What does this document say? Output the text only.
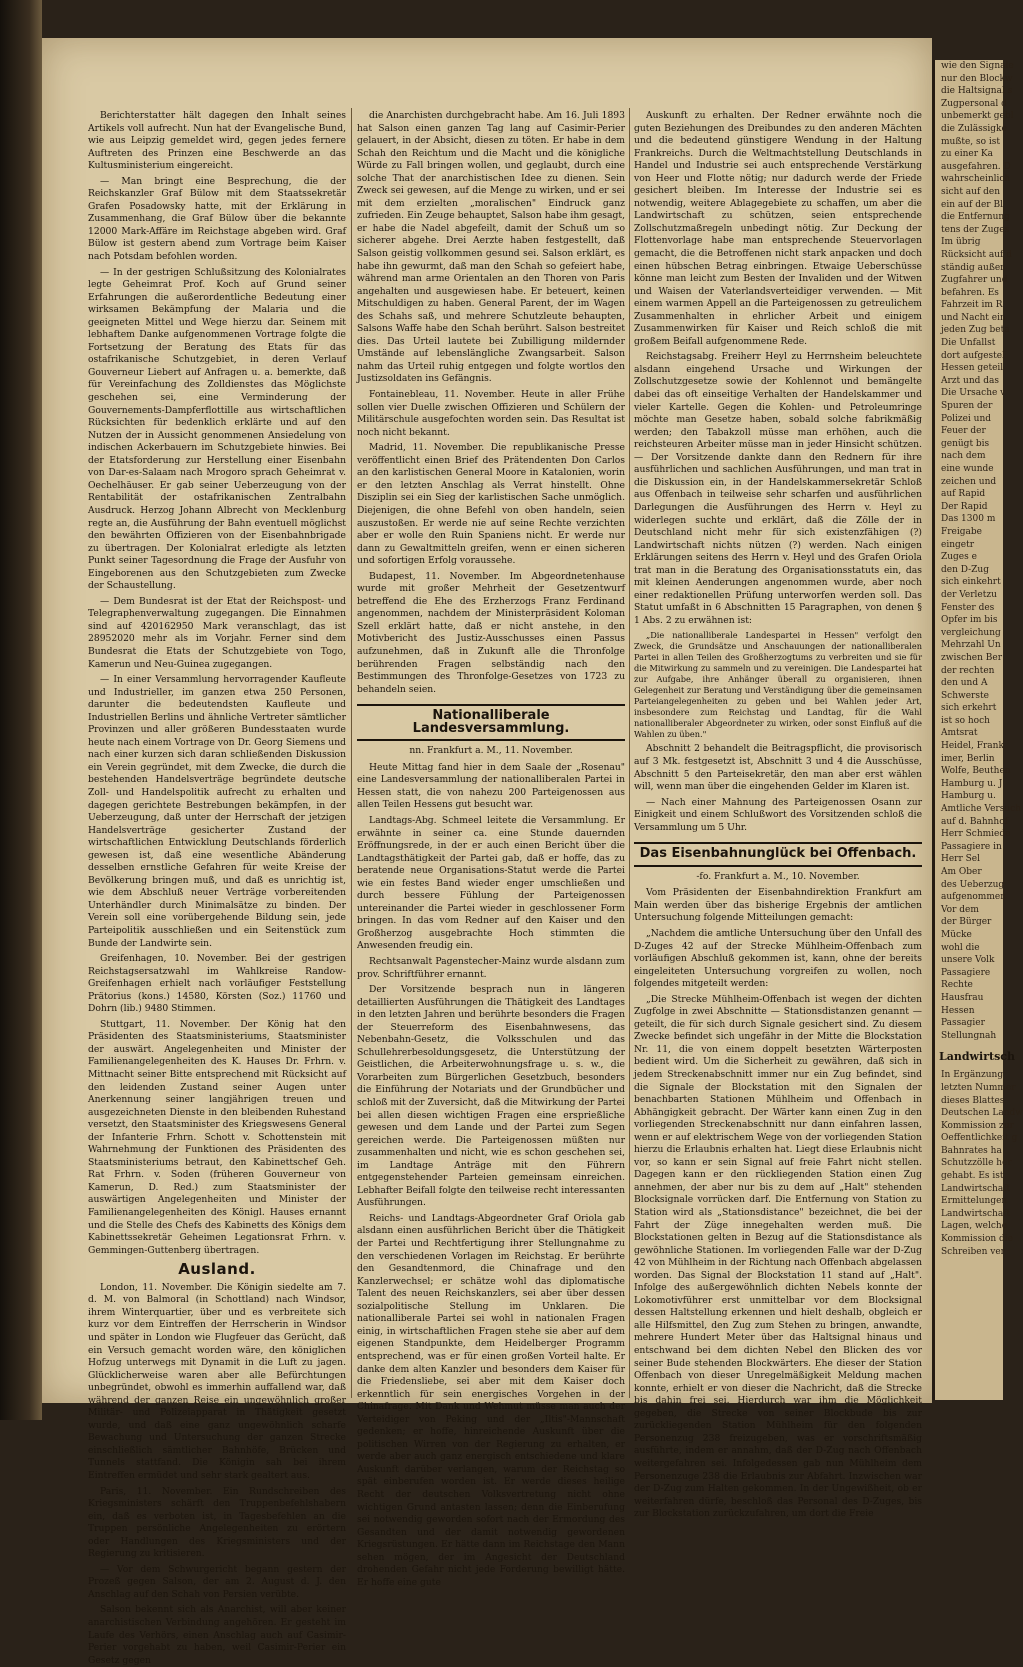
Berichterstatter hält dagegen den Inhalt seines Artikels voll aufrecht. Nun hat der Evangelische Bund, wie aus Leipzig gemeldet wird, gegen jedes fernere Auftreten des Prinzen eine Beschwerde an das Kultusministerium eingereicht.

— Man bringt eine Besprechung, die der Reichskanzler Graf Bülow mit dem Staatssekretär Grafen Posadowsky hatte, mit der Erklärung in Zusammenhang, die Graf Bülow über die bekannte 12000 Mark-Affäre im Reichstage abgeben wird. Graf Bülow ist gestern abend zum Vortrage beim Kaiser nach Potsdam befohlen worden.

— In der gestrigen Schlußsitzung des Kolonialrates legte Geheimrat Prof. Koch auf Grund seiner Erfahrungen die außerordentliche Bedeutung einer wirksamen Bekämpfung der Malaria und die geeigneten Mittel und Wege hierzu dar. Seinem mit lebhaftem Danke aufgenommenen Vortrage folgte die Fortsetzung der Beratung des Etats für das ostafrikanische Schutzgebiet, in deren Verlauf Gouverneur Liebert auf Anfragen u. a. bemerkte, daß für Vereinfachung des Zolldienstes das Möglichste geschehen sei, eine Verminderung der Gouvernements-Dampferflottille aus wirtschaftlichen Rücksichten für bedenklich erklärte und auf den Nutzen der in Aussicht genommenen Ansiedelung von indischen Ackerbauern im Schutzgebiete hinwies. Bei der Etatsforderung zur Herstellung einer Eisenbahn von Dar-es-Salaam nach Mrogoro sprach Geheimrat v. Oechelhäuser. Er gab seiner Ueberzeugung von der Rentabilität der ostafrikanischen Zentralbahn Ausdruck. Herzog Johann Albrecht von Mecklenburg regte an, die Ausführung der Bahn eventuell möglichst den bewährten Offizieren von der Eisenbahnbrigade zu übertragen. Der Kolonialrat erledigte als letzten Punkt seiner Tagesordnung die Frage der Ausfuhr von Eingeborenen aus den Schutzgebieten zum Zwecke der Schaustellung.

— Dem Bundesrat ist der Etat der Reichspost- und Telegraphenverwaltung zugegangen. Die Einnahmen sind auf 420162950 Mark veranschlagt, das ist 28952020 mehr als im Vorjahr. Ferner sind dem Bundesrat die Etats der Schutzgebiete von Togo, Kamerun und Neu-Guinea zugegangen.

— In einer Versammlung hervorragender Kaufleute und Industrieller, im ganzen etwa 250 Personen, darunter die bedeutendsten Kaufleute und Industriellen Berlins und ähnliche Vertreter sämtlicher Provinzen und aller größeren Bundesstaaten wurde heute nach einem Vortrage von Dr. Georg Siemens und nach einer kurzen sich daran schließenden Diskussion ein Verein gegründet, mit dem Zwecke, die durch die bestehenden Handelsverträge begründete deutsche Zoll- und Handelspolitik aufrecht zu erhalten und dagegen gerichtete Bestrebungen bekämpfen, in der Ueberzeugung, daß unter der Herrschaft der jetzigen Handelsverträge gesicherter Zustand der wirtschaftlichen Entwicklung Deutschlands förderlich gewesen ist, daß eine wesentliche Abänderung desselben ernstliche Gefahren für weite Kreise der Bevölkerung bringen muß, und daß es unrichtig ist, wie dem Abschluß neuer Verträge vorbereitenden Unterhändler durch Minimalsätze zu binden. Der Verein soll eine vorübergehende Bildung sein, jede Parteipolitik ausschließen und ein Seitenstück zum Bunde der Landwirte sein.

Greifenhagen, 10. November. Bei der gestrigen Reichstagsersatzwahl im Wahlkreise Randow-Greifenhagen erhielt nach vorläufiger Feststellung Prätorius (kons.) 14580, Körsten (Soz.) 11760 und Dohrn (lib.) 9480 Stimmen.

Stuttgart, 11. November. Der König hat den Präsidenten des Staatsministeriums, Staatsminister der auswärt. Angelegenheiten und Minister der Familienangelegenheiten des K. Hauses Dr. Frhrn. v. Mittnacht seiner Bitte entsprechend mit Rücksicht auf den leidenden Zustand seiner Augen unter Anerkennung seiner langjährigen treuen und ausgezeichneten Dienste in den bleibenden Ruhestand versetzt, den Staatsminister des Kriegswesens General der Infanterie Frhrn. Schott v. Schottenstein mit Wahrnehmung der Funktionen des Präsidenten des Staatsministeriums betraut, den Kabinettschef Geh. Rat Frhrn. v. Soden (früheren Gouverneur von Kamerun, D. Red.) zum Staatsminister der auswärtigen Angelegenheiten und Minister der Familienangelegenheiten des Königl. Hauses ernannt und die Stelle des Chefs des Kabinetts des Königs dem Kabinettssekretär Geheimen Legationsrat Frhrn. v. Gemmingen-Guttenberg übertragen.

Ausland.

London, 11. November. Die Königin siedelte am 7. d. M. von Balmoral (in Schottland) nach Windsor, ihrem Winterquartier, über und es verbreitete sich kurz vor dem Eintreffen der Herrscherin in Windsor und später in London wie Flugfeuer das Gerücht, daß ein Versuch gemacht worden wäre, den königlichen Hofzug unterwegs mit Dynamit in die Luft zu jagen. Glücklicherweise waren aber alle Befürchtungen unbegründet, obwohl es immerhin auffallend war, daß während der ganzen Reise ein ungewöhnlich großer Militär- und Polizeiapparat in Thätigkeit gesetzt wurde, und daß eine ganz ungewöhnlich scharfe Bewachung und Untersuchung der ganzen Strecke einschließlich sämtlicher Bahnhöfe, Brücken und Tunnels stattfand. Die Königin sah bei ihrem Eintreffen ermüdet und sehr stark gealtert aus.

Paris, 11. November. Ein Rundschreiben des Kriegsministers schärft den Truppenbefehlshabern ein, daß es verboten ist, in Tagesbefehlen an die Truppen persönliche Angelegenheiten zu erörtern oder Handlungen des Kriegsministers und der Regierung zu kritisieren.

— Vor dem Schwurgericht begann gestern der Prozeß gegen Salson, der am 2. August d. J. den Anschlag auf den Schah von Persien verübte.

Salson bekennt sich als Anarchist, will aber keiner anarchistischen Verbindung angehören. Er gesteht im Laufe des Verhörs, einen Anschlag auch auf Casimir-Perier vorgehabt zu haben, weil Casimir-Perier ein Gesetz gegen

die Anarchisten durchgebracht habe. Am 16. Juli 1893 hat Salson einen ganzen Tag lang auf Casimir-Perier gelauert, in der Absicht, diesen zu töten. Er habe in dem Schah den Reichtum und die Macht und die königliche Würde zu Fall bringen wollen, und geglaubt, durch eine solche That der anarchistischen Idee zu dienen. Sein Zweck sei gewesen, auf die Menge zu wirken, und er sei mit dem erzielten „moralischen" Eindruck ganz zufrieden. Ein Zeuge behauptet, Salson habe ihm gesagt, er habe die Nadel abgefeilt, damit der Schuß um so sicherer abgehe. Drei Aerzte haben festgestellt, daß Salson geistig vollkommen gesund sei. Salson erklärt, es habe ihn gewurmt, daß man den Schah so gefeiert habe, während man arme Orientalen an den Thoren von Paris angehalten und ausgewiesen habe. Er beteuert, keinen Mitschuldigen zu haben. General Parent, der im Wagen des Schahs saß, und mehrere Schutzleute behaupten, Salsons Waffe habe den Schah berührt. Salson bestreitet dies. Das Urteil lautete bei Zubilligung mildernder Umstände auf lebenslängliche Zwangsarbeit. Salson nahm das Urteil ruhig entgegen und folgte wortlos den Justizsoldaten ins Gefängnis.

Fontainebleau, 11. November. Heute in aller Frühe sollen vier Duelle zwischen Offizieren und Schülern der Militärschule ausgefochten worden sein. Das Resultat ist noch nicht bekannt.

Madrid, 11. November. Die republikanische Presse veröffentlicht einen Brief des Prätendenten Don Carlos an den karlistischen General Moore in Katalonien, worin er den letzten Anschlag als Verrat hinstellt. Ohne Disziplin sei ein Sieg der karlistischen Sache unmöglich. Diejenigen, die ohne Befehl von oben handeln, seien auszustoßen. Er werde nie auf seine Rechte verzichten aber er wolle den Ruin Spaniens nicht. Er werde nur dann zu Gewaltmitteln greifen, wenn er einen sicheren und sofortigen Erfolg voraussehe.

Budapest, 11. November. Im Abgeordnetenhause wurde mit großer Mehrheit der Gesetzentwurf betreffend die Ehe des Erzherzogs Franz Ferdinand angenommen, nachdem der Ministerpräsident Koloman Szell erklärt hatte, daß er nicht anstehe, in den Motivbericht des Justiz-Ausschusses einen Passus aufzunehmen, daß in Zukunft alle die Thronfolge berührenden Fragen selbständig nach den Bestimmungen des Thronfolge-Gesetzes von 1723 zu behandeln seien.

Nationalliberale Landesversammlung.
nn. Frankfurt a. M., 11. November.

Heute Mittag fand hier in dem Saale der „Rosenau" eine Landesversammlung der nationalliberalen Partei in Hessen statt, die von nahezu 200 Parteigenossen aus allen Teilen Hessens gut besucht war.

Landtags-Abg. Schmeel leitete die Versammlung. Er erwähnte in seiner ca. eine Stunde dauernden Eröffnungsrede, in der er auch einen Bericht über die Landtagsthätigkeit der Partei gab, daß er hoffe, das zu beratende neue Organisations-Statut werde die Partei wie ein festes Band wieder enger umschließen und durch bessere Fühlung der Parteigenossen untereinander die Partei wieder in geschlossener Form bringen. In das vom Redner auf den Kaiser und den Großherzog ausgebrachte Hoch stimmten die Anwesenden freudig ein.

Rechtsanwalt Pagenstecher-Mainz wurde alsdann zum prov. Schriftführer ernannt.

Der Vorsitzende besprach nun in längeren detaillierten Ausführungen die Thätigkeit des Landtages in den letzten Jahren und berührte besonders die Fragen der Steuerreform des Eisenbahnwesens, das Nebenbahn-Gesetz, die Volksschulen und das Schullehrerbesoldungsgesetz, die Unterstützung der Geistlichen, die Arbeiterwohnungsfrage u. s. w., die Vorarbeiten zum Bürgerlichen Gesetzbuch, besonders die Einführung der Notariats und der Grundbücher und schloß mit der Zuversicht, daß die Mitwirkung der Partei bei allen diesen wichtigen Fragen eine ersprießliche gewesen und dem Lande und der Partei zum Segen gereichen werde. Die Parteigenossen müßten nur zusammenhalten und nicht, wie es schon geschehen sei, im Landtage Anträge mit den Führern entgegenstehender Parteien gemeinsam einreichen. Lebhafter Beifall folgte den teilweise recht interessanten Ausführungen.

Reichs- und Landtags-Abgeordneter Graf Oriola gab alsdann einen ausführlichen Bericht über die Thätigkeit der Partei und Rechtfertigung ihrer Stellungnahme zu den verschiedenen Vorlagen im Reichstag. Er berührte den Gesandtenmord, die Chinafrage und den Kanzlerwechsel; er schätze wohl das diplomatische Talent des neuen Reichskanzlers, sei aber über dessen sozialpolitische Stellung im Unklaren. Die nationalliberale Partei sei wohl in nationalen Fragen einig, in wirtschaftlichen Fragen stehe sie aber auf dem eigenen Standpunkte, dem Heidelberger Programm entsprechend, was er für einen großen Vorteil halte. Er danke dem alten Kanzler und besonders dem Kaiser für die Friedensliebe, sei aber mit dem Kaiser doch erkenntlich für sein energisches Vorgehen in der Chinafrage. Mit Dank und Wehmut müsse man auch der Verteidiger von Peking und der „Iltis"-Mannschaft gedenken; er hoffe, hinreichende Auskunft über die politischen Wirren von der Regierung zu erhalten, er werde aber auch ganz energisch entschiedene und klare Auskunft darüber verlangen, warum der Reichstag so spät einberufen worden ist. Er werde dieses heilige Recht der deutschen Volksvertretung nicht ohne wichtigen Grund antasten lassen; denn die Einberufung sei notwendig geworden sofort nach der Ermordung des Gesandten und der damit notwendig gewordenen Kriegsrüstungen. Er hätte dann im Reichstage den Mann sehen mögen, der im Angesicht der Deutschland drohenden Gefahr nicht jede Forderung bewilligt hätte. Er hoffe eine gute

Auskunft zu erhalten. Der Redner erwähnte noch die guten Beziehungen des Dreibundes zu den anderen Mächten und die bedeutend günstigere Wendung in der Haltung Frankreichs. Durch die Weltmachtstellung Deutschlands in Handel und Industrie sei auch entsprechende Verstärkung von Heer und Flotte nötig; nur dadurch werde der Friede gesichert bleiben. Im Interesse der Industrie sei es notwendig, weitere Ablagegebiete zu schaffen, um aber die Landwirtschaft zu schützen, seien entsprechende Zollschutzmaßregeln unbedingt nötig. Zur Deckung der Flottenvorlage habe man entsprechende Steuervorlagen gemacht, die die Betroffenen nicht stark anpacken und doch einen hübschen Betrag einbringen. Etwaige Ueberschüsse könne man leicht zum Besten der Invaliden und der Witwen und Waisen der Vaterlandsverteidiger verwenden. — Mit einem warmen Appell an die Parteigenossen zu getreulichem Zusammenhalten in ehrlicher Arbeit und einigem Zusammenwirken für Kaiser und Reich schloß die mit großem Beifall aufgenommene Rede.

Reichstagsabg. Freiherr Heyl zu Herrnsheim beleuchtete alsdann eingehend Ursache und Wirkungen der Zollschutzgesetze sowie der Kohlennot und bemängelte dabei das oft einseitige Verhalten der Handelskammer und vieler Kartelle. Gegen die Kohlen- und Petroleumringe möchte man Gesetze haben, sobald solche fabrikmäßig werden; den Tabakzoll müsse man erhöhen, auch die reichsteuren Arbeiter müsse man in jeder Hinsicht schützen. — Der Vorsitzende dankte dann den Rednern für ihre ausführlichen und sachlichen Ausführungen, und man trat in die Diskussion ein, in der Handelskammersekretär Schloß aus Offenbach in teilweise sehr scharfen und ausführlichen Darlegungen die Ausführungen des Herrn v. Heyl zu widerlegen suchte und erklärt, daß die Zölle der in Deutschland nicht mehr für sich existenzfähigen (?) Landwirtschaft nichts nützen (?) werden. Nach einigen Erklärungen seitens des Herrn v. Heyl und des Grafen Oriola trat man in die Beratung des Organisationsstatuts ein, das mit kleinen Aenderungen angenommen wurde, aber noch einer redaktionellen Prüfung unterworfen werden soll. Das Statut umfaßt in 6 Abschnitten 15 Paragraphen, von denen § 1 Abs. 2 zu erwähnen ist:

„Die nationalliberale Landespartei in Hessen" verfolgt den Zweck, die Grundsätze und Anschauungen der nationalliberalen Partei in allen Teilen des Großherzogtums zu verbreiten und sie für die Mitwirkung zu sammeln und zu vereinigen. Die Landespartei hat zur Aufgabe, ihre Anhänger überall zu organisieren, ihnen Gelegenheit zur Beratung und Verständigung über die gemeinsamen Parteiangelegenheiten zu geben und bei Wahlen jeder Art, insbesondere zum Reichstag und Landtag, für die Wahl nationalliberaler Abgeordneter zu wirken, oder sonst Einfluß auf die Wahlen zu üben."

Abschnitt 2 behandelt die Beitragspflicht, die provisorisch auf 3 Mk. festgesetzt ist, Abschnitt 3 und 4 die Ausschüsse, Abschnitt 5 den Parteisekretär, den man aber erst wählen will, wenn man über die eingehenden Gelder im Klaren ist.

— Nach einer Mahnung des Parteigenossen Osann zur Einigkeit und einem Schlußwort des Vorsitzenden schloß die Versammlung um 5 Uhr.

Das Eisenbahnunglück bei Offenbach.
-fo. Frankfurt a. M., 10. November.

Vom Präsidenten der Eisenbahndirektion Frankfurt am Main werden über das bisherige Ergebnis der amtlichen Untersuchung folgende Mitteilungen gemacht:

„Nachdem die amtliche Untersuchung über den Unfall des D-Zuges 42 auf der Strecke Mühlheim-Offenbach zum vorläufigen Abschluß gekommen ist, kann, ohne der bereits eingeleiteten Untersuchung vorgreifen zu wollen, noch folgendes mitgeteilt werden:

„Die Strecke Mühlheim-Offenbach ist wegen der dichten Zugfolge in zwei Abschnitte — Stationsdistanzen genannt — geteilt, die für sich durch Signale gesichert sind. Zu diesem Zwecke befindet sich ungefähr in der Mitte die Blockstation Nr. 11, die von einem doppelt besetzten Wärterposten bedient wird. Um die Sicherheit zu gewähren, daß sich in jedem Streckenabschnitt immer nur ein Zug befindet, sind die Signale der Blockstation mit den Signalen der benachbarten Stationen Mühlheim und Offenbach in Abhängigkeit gebracht. Der Wärter kann einen Zug in den vorliegenden Streckenabschnitt nur dann einfahren lassen, wenn er auf elektrischem Wege von der vorliegenden Station hierzu die Erlaubnis erhalten hat. Liegt diese Erlaubnis nicht vor, so kann er sein Signal auf freie Fahrt nicht stellen. Dagegen kann er den rückliegenden Station einen Zug annehmen, der aber nur bis zu dem auf „Halt" stehenden Blocksignale vorrücken darf. Die Entfernung von Station zu Station wird als „Stationsdistance" bezeichnet, die bei der Fahrt der Züge innegehalten werden muß. Die Blockstationen gelten in Bezug auf die Stationsdistance als gewöhnliche Stationen. Im vorliegenden Falle war der D-Zug 42 von Mühlheim in der Richtung nach Offenbach abgelassen worden. Das Signal der Blockstation 11 stand auf „Halt". Infolge des außergewöhnlich dichten Nebels konnte der Lokomotivführer erst unmittelbar vor dem Blocksignal dessen Haltstellung erkennen und hielt deshalb, obgleich er alle Hilfsmittel, den Zug zum Stehen zu bringen, anwandte, mehrere Hundert Meter über das Haltsignal hinaus und entschwand bei dem dichten Nebel den Blicken des vor seiner Bude stehenden Blockwärters. Ehe dieser der Station Offenbach von dieser Unregelmäßigkeit Meldung machen konnte, erhielt er von dieser die Nachricht, daß die Strecke bis dahin frei sei. Hierdurch war ihm die Möglichkeit gegeben, die Strecke von seiner Blockbude bis zur zurückliegenden Station Mühlheim für den folgenden Personenzug 238 freizugeben, was er vorschriftsmäßig ausführte, indem er annahm, daß der D-Zug nach Offenbach weitergefahren sei. Infolgedessen gab nun Mühlheim dem Personenzuge 238 die Erlaubnis zur Abfahrt. Inzwischen war der D-Zug zum Halten gekommen. In der Ungewißheit, ob er weiterfahren dürfe, beschloß das Personal des D-Zuges, bis zur Blockstation zurückzufahren, um dort die Freie

wie den Signale
nur den Blockw
die Haltsignal s
Zugpersonal d
unbemerkt gebl
die Zulässigke
mußte, so ist
zu einer Ka
ausgefahren. D
wahrscheinlich
sicht auf den
ein auf der Bl
die Entfernung
tens der Zuges
Im übrig
Rücksicht auf d
ständig außer
Zugfahrer und
befahren. Es
Fahrzeit im R
und Nacht ein
jeden Zug beta
Die Unfallst
dort aufgestel
Hessen geteil
Arzt und das
Die Ursache v
Spuren der
Polizei und
Feuer der
genügt bis
nach dem
eine wunde
zeichen und
auf Rapid
Der Rapid
Das 1300 m
Freigabe
eingetr
Zuges e
den D-Zug
sich einkehrt
der Verletzu
Fenster des
Opfer im bis
vergleichung
Mehrzahl Un
zwischen Ber
der rechten
den und A
Schwerste
sich erkehrt
ist so hoch
Amtsrat
Heidel, Frank
imer, Berlin
Wolfe, Beuthen
Hamburg u. J
Hamburg u.
Amtliche Versuch
auf d. Bahnhof
Herr Schmiede
Passagiere in
Herr Sel
Am Ober
des Ueberzug
aufgenommen
Vor dem
der Bürger
Mücke
wohl die
unsere Volk
Passagiere
Rechte
Hausfrau
Hessen
Passagier
Stellungnah
Landwirtsch
In Ergänzung
letzten Nummer
dieses Blattes
Deutschen Landw
Kommission zur
Oeffentlichkeit g
Bahnrates ha
Schutzzölle her
gehabt. Es ist
Landwirtschaft
Ermittelungen
Landwirtschaft
Lagen, welche
Kommission die
Schreiben ver
